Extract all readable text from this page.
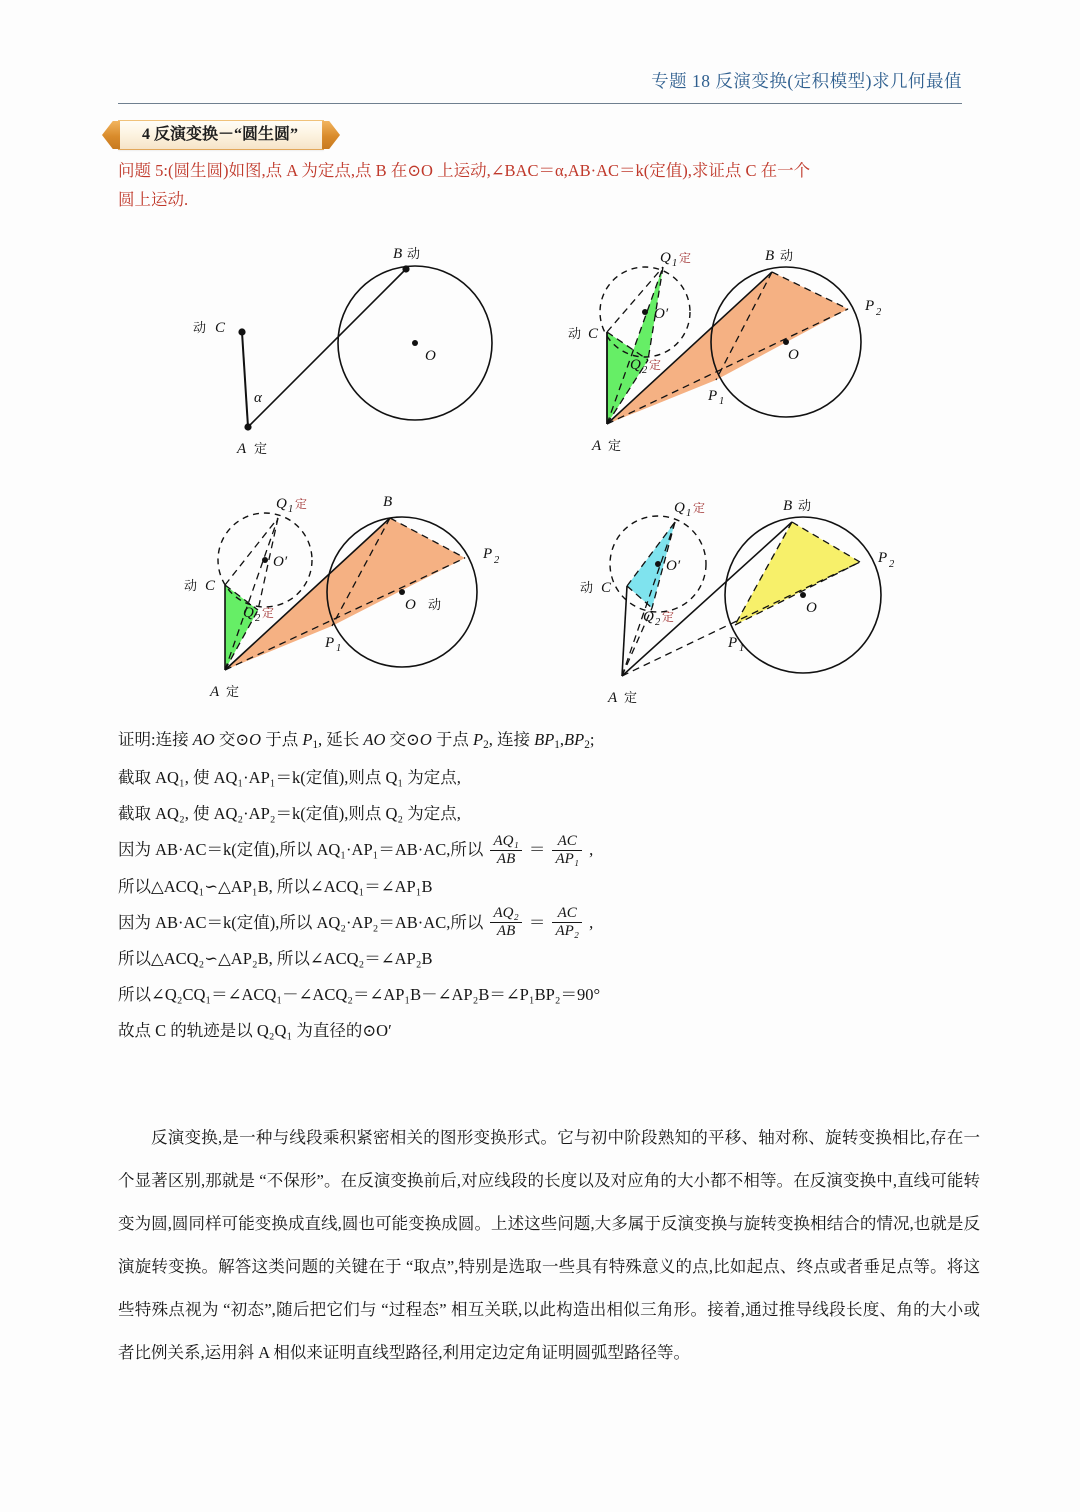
专题 18 反演变换(定积模型)求几何最值
4 反演变换－“圆生圆”
问题 5:(圆生圆)如图,点 A 为定点,点 B 在⊙O 上运动,∠BAC＝α,AB·AC＝k(定值),求证点 C 在一个
圆上运动.
B 动
动 C
A 定
O
α
Q 1 定
Q 2 定
B 动
动 C
A 定
O
O′
P 1
P 2
Q 1 定
Q 2 定
B
动 C
A 定
O 动
O′
P 1
P 2
Q 1 定
Q 2 定
B 动
动 C
A 定
O
O′
P 1
P 2
证明:连接 AO 交⊙O 于点 $P_1$, 延长 AO 交⊙O 于点 $P_2$, 连接 $BP_1,BP_2$;
截取 AQ₁, 使 AQ₁·AP₁＝k(定值),则点 Q₁ 为定点,
截取 AQ₂, 使 AQ₂·AP₂＝k(定值),则点 Q₂ 为定点,
因为 AB·AC＝k(定值),所以 AQ₁·AP₁＝AB·AC,所以 $\frac{\text{AQ₁}}{AB} = \frac{AC}{\text{AP₁}}$ ,
所以△ACQ₁∽△AP₁B, 所以∠ACQ₁＝∠AP₁B
因为 AB·AC＝k(定值),所以 AQ₂·AP₂＝AB·AC,所以 $\frac{\text{AQ₂}}{AB} = \frac{AC}{\text{AP₂}}$ ,
所以△ACQ₂∽△AP₂B, 所以∠ACQ₂＝∠AP₂B
所以∠Q₂CQ₁＝∠ACQ₁－∠ACQ₂＝∠AP₁B－∠AP₂B＝∠P₁BP₂＝90°
故点 C 的轨迹是以 Q₂Q₁ 为直径的⊙O′

反演变换,是一种与线段乘积紧密相关的图形变换形式。它与初中阶段熟知的平移、轴对称、旋转变换相比,存在一个显著区别,那就是 “不保形”。在反演变换前后,对应线段的长度以及对应角的大小都不相等。在反演变换中,直线可能转变为圆,圆同样可能变换成直线,圆也可能变换成圆。上述这些问题,大多属于反演变换与旋转变换相结合的情况,也就是反演旋转变换。解答这类问题的关键在于 “取点”,特别是选取一些具有特殊意义的点,比如起点、终点或者垂足点等。将这些特殊点视为 “初态”,随后把它们与 “过程态” 相互关联,以此构造出相似三角形。接着,通过推导线段长度、角的大小或者比例关系,运用斜 A 相似来证明直线型路径,利用定边定角证明圆弧型路径等。
